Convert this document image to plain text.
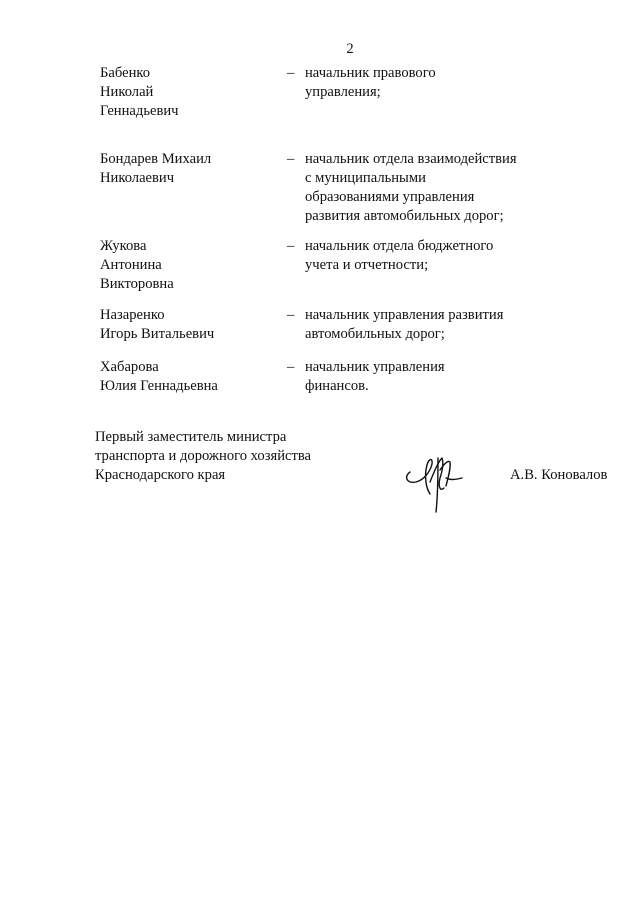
2
Бабенко
Николай
Геннадьевич
– начальник правового
управления;
Бондарев Михаил
Николаевич
– начальник отдела взаимодействия
с муниципальными
образованиями управления
развития автомобильных дорог;
Жукова
Антонина
Викторовна
– начальник отдела бюджетного
учета и отчетности;
Назаренко
Игорь Витальевич
– начальник управления развития
автомобильных дорог;
Хабарова
Юлия Геннадьевна
– начальник управления
финансов.
Первый заместитель министра
транспорта и дорожного хозяйства
Краснодарского края	А.В. Коновалов
